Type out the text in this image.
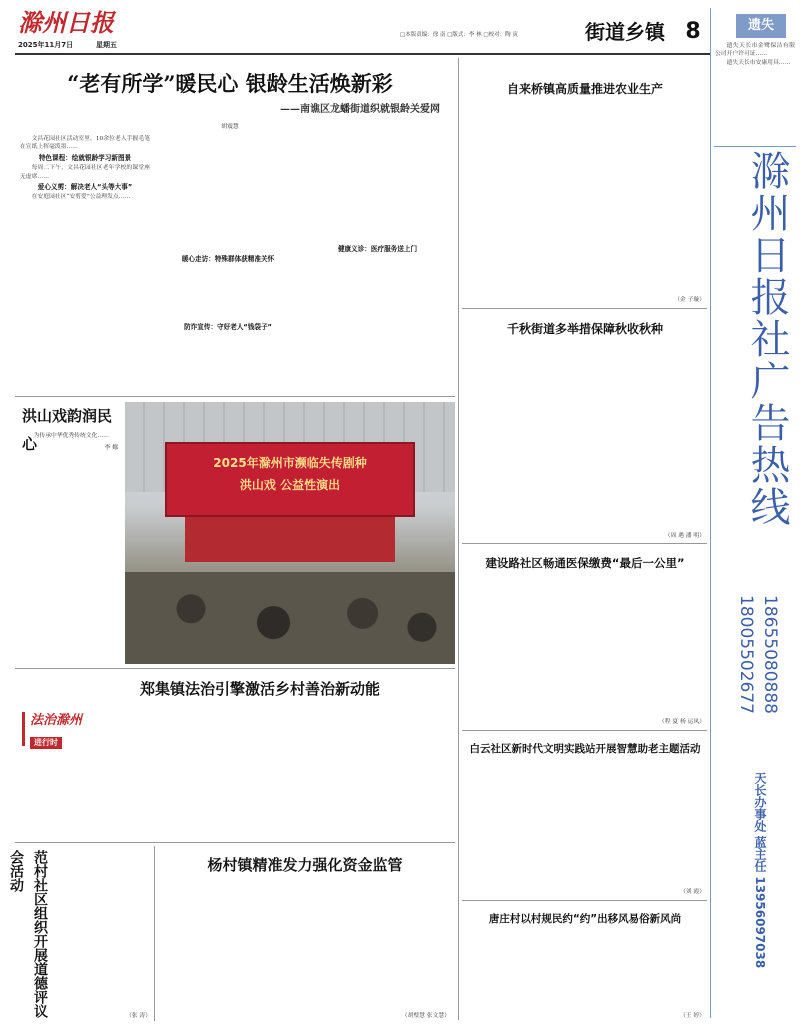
滁州日报
2025年11月7日	星期五
□本版责编：徐 南 □版式：李 林 □校对：陶 寅	街道乡镇 8
“老有所学”暖民心 银龄生活焕新彩
——南谯区龙蟠街道织就银龄关爱网
胡震慧

文昌花园社区活动室里，10余位老人手握毛笔在宣纸上挥毫泼墨……

特色课程：绘就银龄学习新图景

每周二下午，文昌花园社区老年学校的课堂座无虚席……

爱心义剪：解决老人“头等大事”

在安庭园社区“安剪爱”公益理发点……

暖心走访：特殊群体获精准关怀
防诈宣传：守好老人“钱袋子”
健康义诊：医疗服务送上门
洪山戏韵润民心

为传承中华优秀传统文化……

李 娜
2025年滁州市濒临失传剧种
洪山戏 公益性演出
郑集镇法治引擎激活乡村善治新动能
法治滁州
进行时
范村社区组织开展道德评议会活动
（张 涛）
杨村镇精准发力强化资金监管
（胡璧慧 张文慧）
自来桥镇高质量推进农业生产
（金 子璇）
千秋街道多举措保障秋收秋种
（周 遇 潘 明）
建设路社区畅通医保缴费“最后一公里”
（程 夏 杨 运凤）
白云社区新时代文明实践站开展智慧助老主题活动
（刘 霞）
唐庄村以村规民约“约”出移风易俗新风尚
（王 婷）
遗失

遗失天长市金鹭保洁有限公司开户许可证……

遗失天长市安康用具……

滁州日报社广告热线
18655080888
18005502677
天长办事处 蓝主任 13956097038
